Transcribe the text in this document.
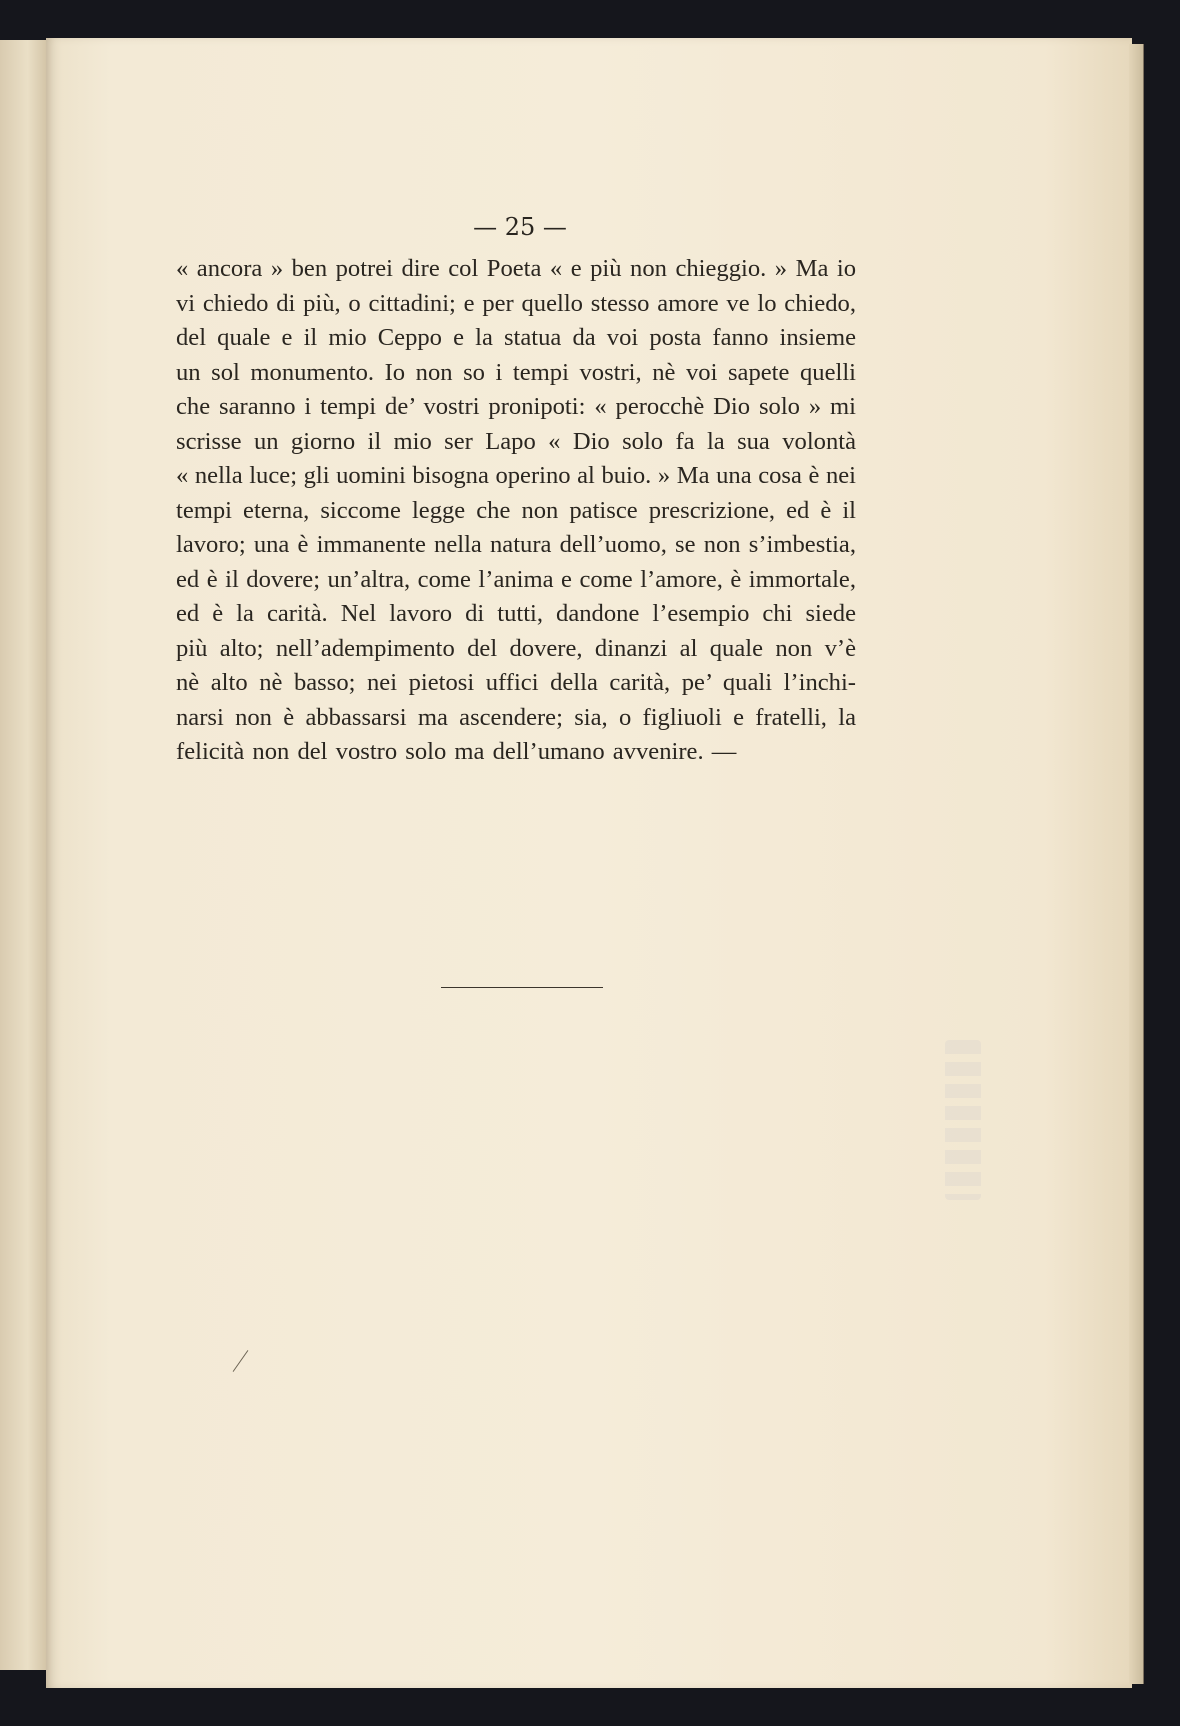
— 25 —
« ancora » ben potrei dire col Poeta « e più non chieggio. » Ma io
vi chiedo di più, o cittadini; e per quello stesso amore ve lo chiedo,
del quale e il mio Ceppo e la statua da voi posta fanno insieme
un sol monumento. Io non so i tempi vostri, nè voi sapete quelli
che saranno i tempi de’ vostri pronipoti: « perocchè Dio solo » mi
scrisse un giorno il mio ser Lapo « Dio solo fa la sua volontà
« nella luce; gli uomini bisogna operino al buio. » Ma una cosa è nei
tempi eterna, siccome legge che non patisce prescrizione, ed è il
lavoro; una è immanente nella natura dell’uomo, se non s’imbestia,
ed è il dovere; un’altra, come l’anima e come l’amore, è immortale,
ed è la carità. Nel lavoro di tutti, dandone l’esempio chi siede
più alto; nell’adempimento del dovere, dinanzi al quale non v’è
nè alto nè basso; nei pietosi uffici della carità, pe’ quali l’inchi-
narsi non è abbassarsi ma ascendere; sia, o figliuoli e fratelli, la
felicità non del vostro solo ma dell’umano avvenire. —
